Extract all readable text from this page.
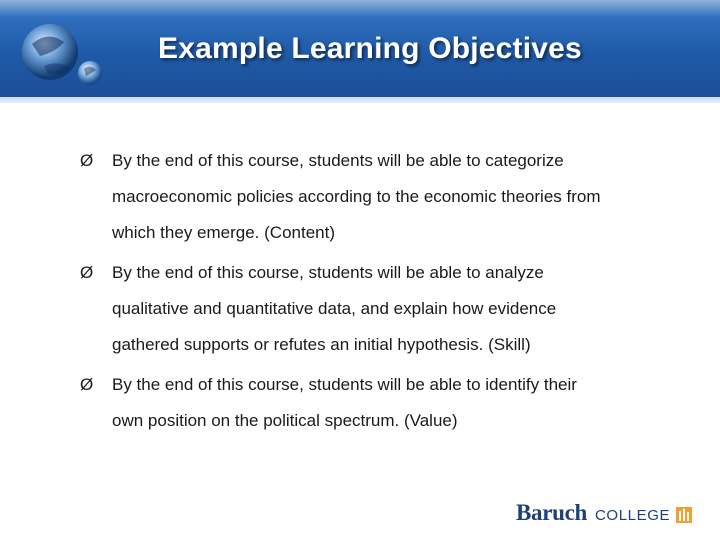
Example Learning Objectives
Ø	By the end of this course, students will be able to categorize
macroeconomic policies according to the economic theories from
which they emerge. (Content)
Ø	By the end of this course, students will be able to analyze
qualitative and quantitative data, and explain how evidence
gathered supports or refutes an initial hypothesis. (Skill)
Ø	By the end of this course, students will be able to identify their
own position on the political spectrum. (Value)
Baruch COLLEGE
